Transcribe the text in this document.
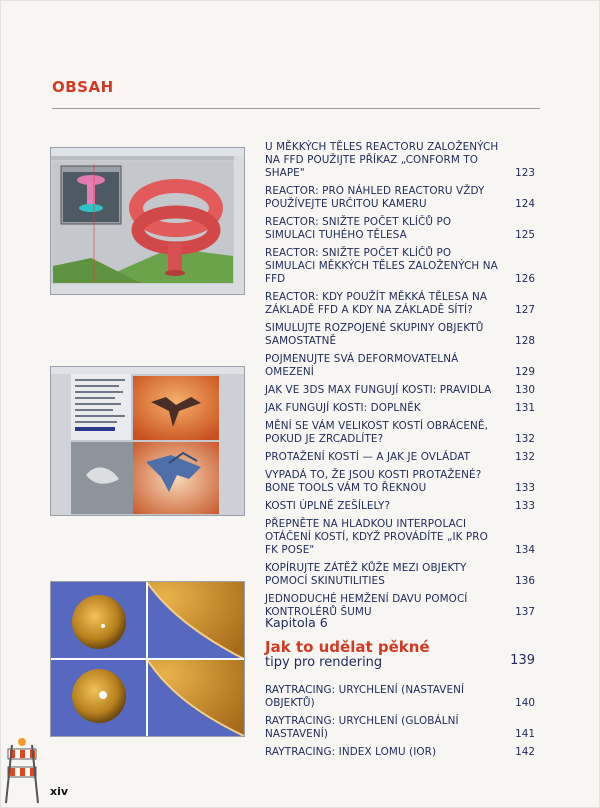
OBSAH
U MĚKKÝCH TĚLES REACTORU ZALOŽENÝCH NA FFD POUŽIJTE PŘÍKAZ „CONFORM TO SHAPE"	123
REACTOR: PRO NÁHLED REACTORU VŽDY POUŽÍVEJTE URČITOU KAMERU	124
REACTOR: SNIŽTE POČET KLÍČŮ PO SIMULACI TUHÉHO TĚLESA	125
REACTOR: SNIŽTE POČET KLÍČŮ PO SIMULACI MĚKKÝCH TĚLES ZALOŽENÝCH NA FFD	126
REACTOR: KDY POUŽÍT MĚKKÁ TĚLESA NA ZÁKLADĚ FFD A KDY NA ZÁKLADĚ SÍTÍ?	127
SIMULUJTE ROZPOJENÉ SKUPINY OBJEKTŮ SAMOSTATNĚ	128
POJMENUJTE SVÁ DEFORMOVATELNÁ OMEZENÍ	129
JAK VE 3DS MAX FUNGUJÍ KOSTI: PRAVIDLA	130
JAK FUNGUJÍ KOSTI: DOPLNĚK	131
MĚNÍ SE VÁM VELIKOST KOSTÍ OBRÁCENĚ, POKUD JE ZRCADLÍTE?	132
PROTAŽENÍ KOSTÍ — A JAK JE OVLÁDAT	132
VYPADÁ TO, ŽE JSOU KOSTI PROTAŽENÉ? BONE TOOLS VÁM TO ŘEKNOU	133
KOSTI ÚPLNĚ ZEŠÍLELY?	133
PŘEPNĚTE NA HLADKOU INTERPOLACI OTÁČENÍ KOSTÍ, KDYŽ PROVÁDÍTE „IK PRO FK POSE"	134
KOPÍRUJTE ZÁTĚŽ KŮŽE MEZI OBJEKTY POMOCÍ SKINUTILITIES	136
JEDNODUCHÉ HEMŽENÍ DAVU POMOCÍ KONTROLÉRŮ ŠUMU	137
Kapitola 6
Jak to udělat pěkné
tipy pro rendering	139
RAYTRACING: URYCHLENÍ (NASTAVENÍ OBJEKTŮ)	140
RAYTRACING: URYCHLENÍ (GLOBÁLNÍ NASTAVENÍ)	141
RAYTRACING: INDEX LOMU (IOR)	142
xiv
